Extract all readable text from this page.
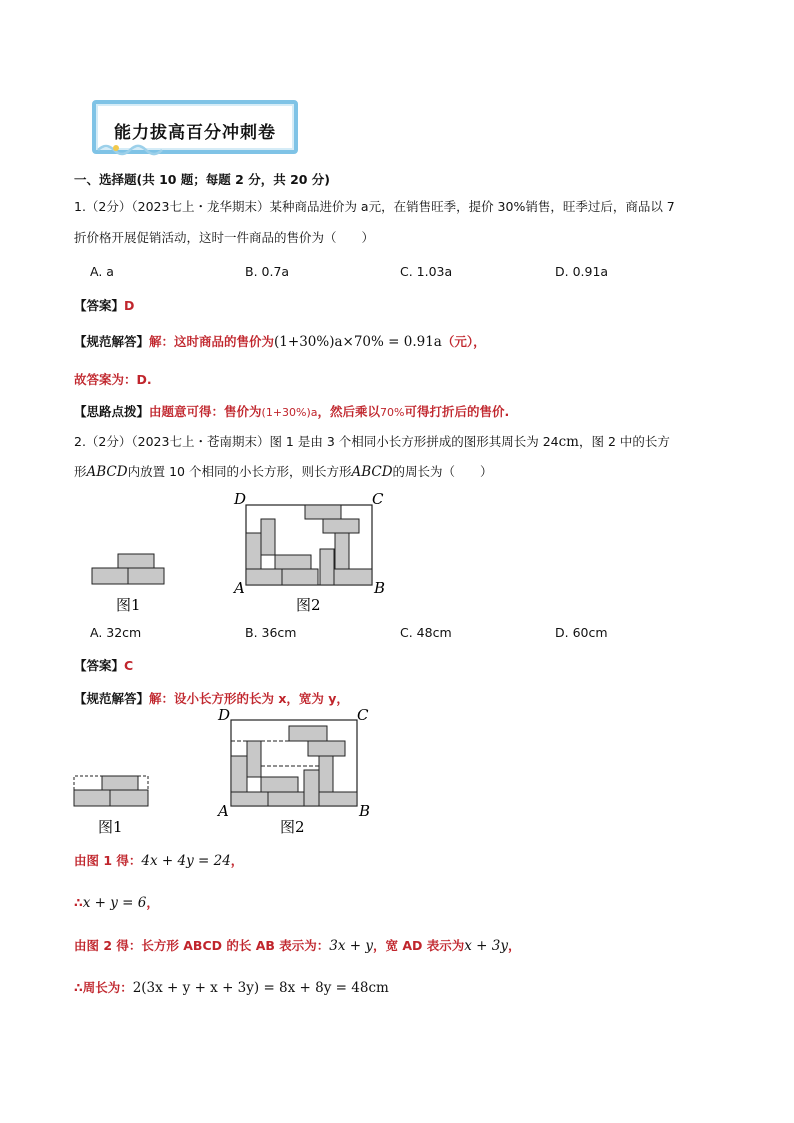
能力拔高百分冲刺卷
一、选择题(共 10 题；每题 2 分，共 20 分)
1.（2分）（2023七上・龙华期末）某种商品进价为 a元，在销售旺季，提价 30%销售，旺季过后，商品以 7
折价格开展促销活动，这时一件商品的售价为（　　）
A. a	B. 0.7a	C. 1.03a	D. 0.91a
【答案】D
【规范解答】解：这时商品的售价为(1+30%)a×70% = 0.91a（元），
故答案为：D.
【思路点拨】由题意可得：售价为(1+30%)a，然后乘以70%可得打折后的售价.
2.（2分）（2023七上・苍南期末）图 1 是由 3 个相同小长方形拼成的图形其周长为 24cm，图 2 中的长方
形ABCD内放置 10 个相同的小长方形，则长方形ABCD的周长为（　　）
图1
D	C
A	B
图2
A. 32cm	B. 36cm	C. 48cm	D. 60cm
【答案】C
【规范解答】解：设小长方形的长为 x，宽为 y，
图1
D	C
A	B
图2
由图 1 得：4x + 4y = 24，
∴x + y = 6，
由图 2 得：长方形 ABCD 的长 AB 表示为：3x + y，宽 AD 表示为x + 3y，
∴周长为：2(3x + y + x + 3y) = 8x + 8y = 48cm
